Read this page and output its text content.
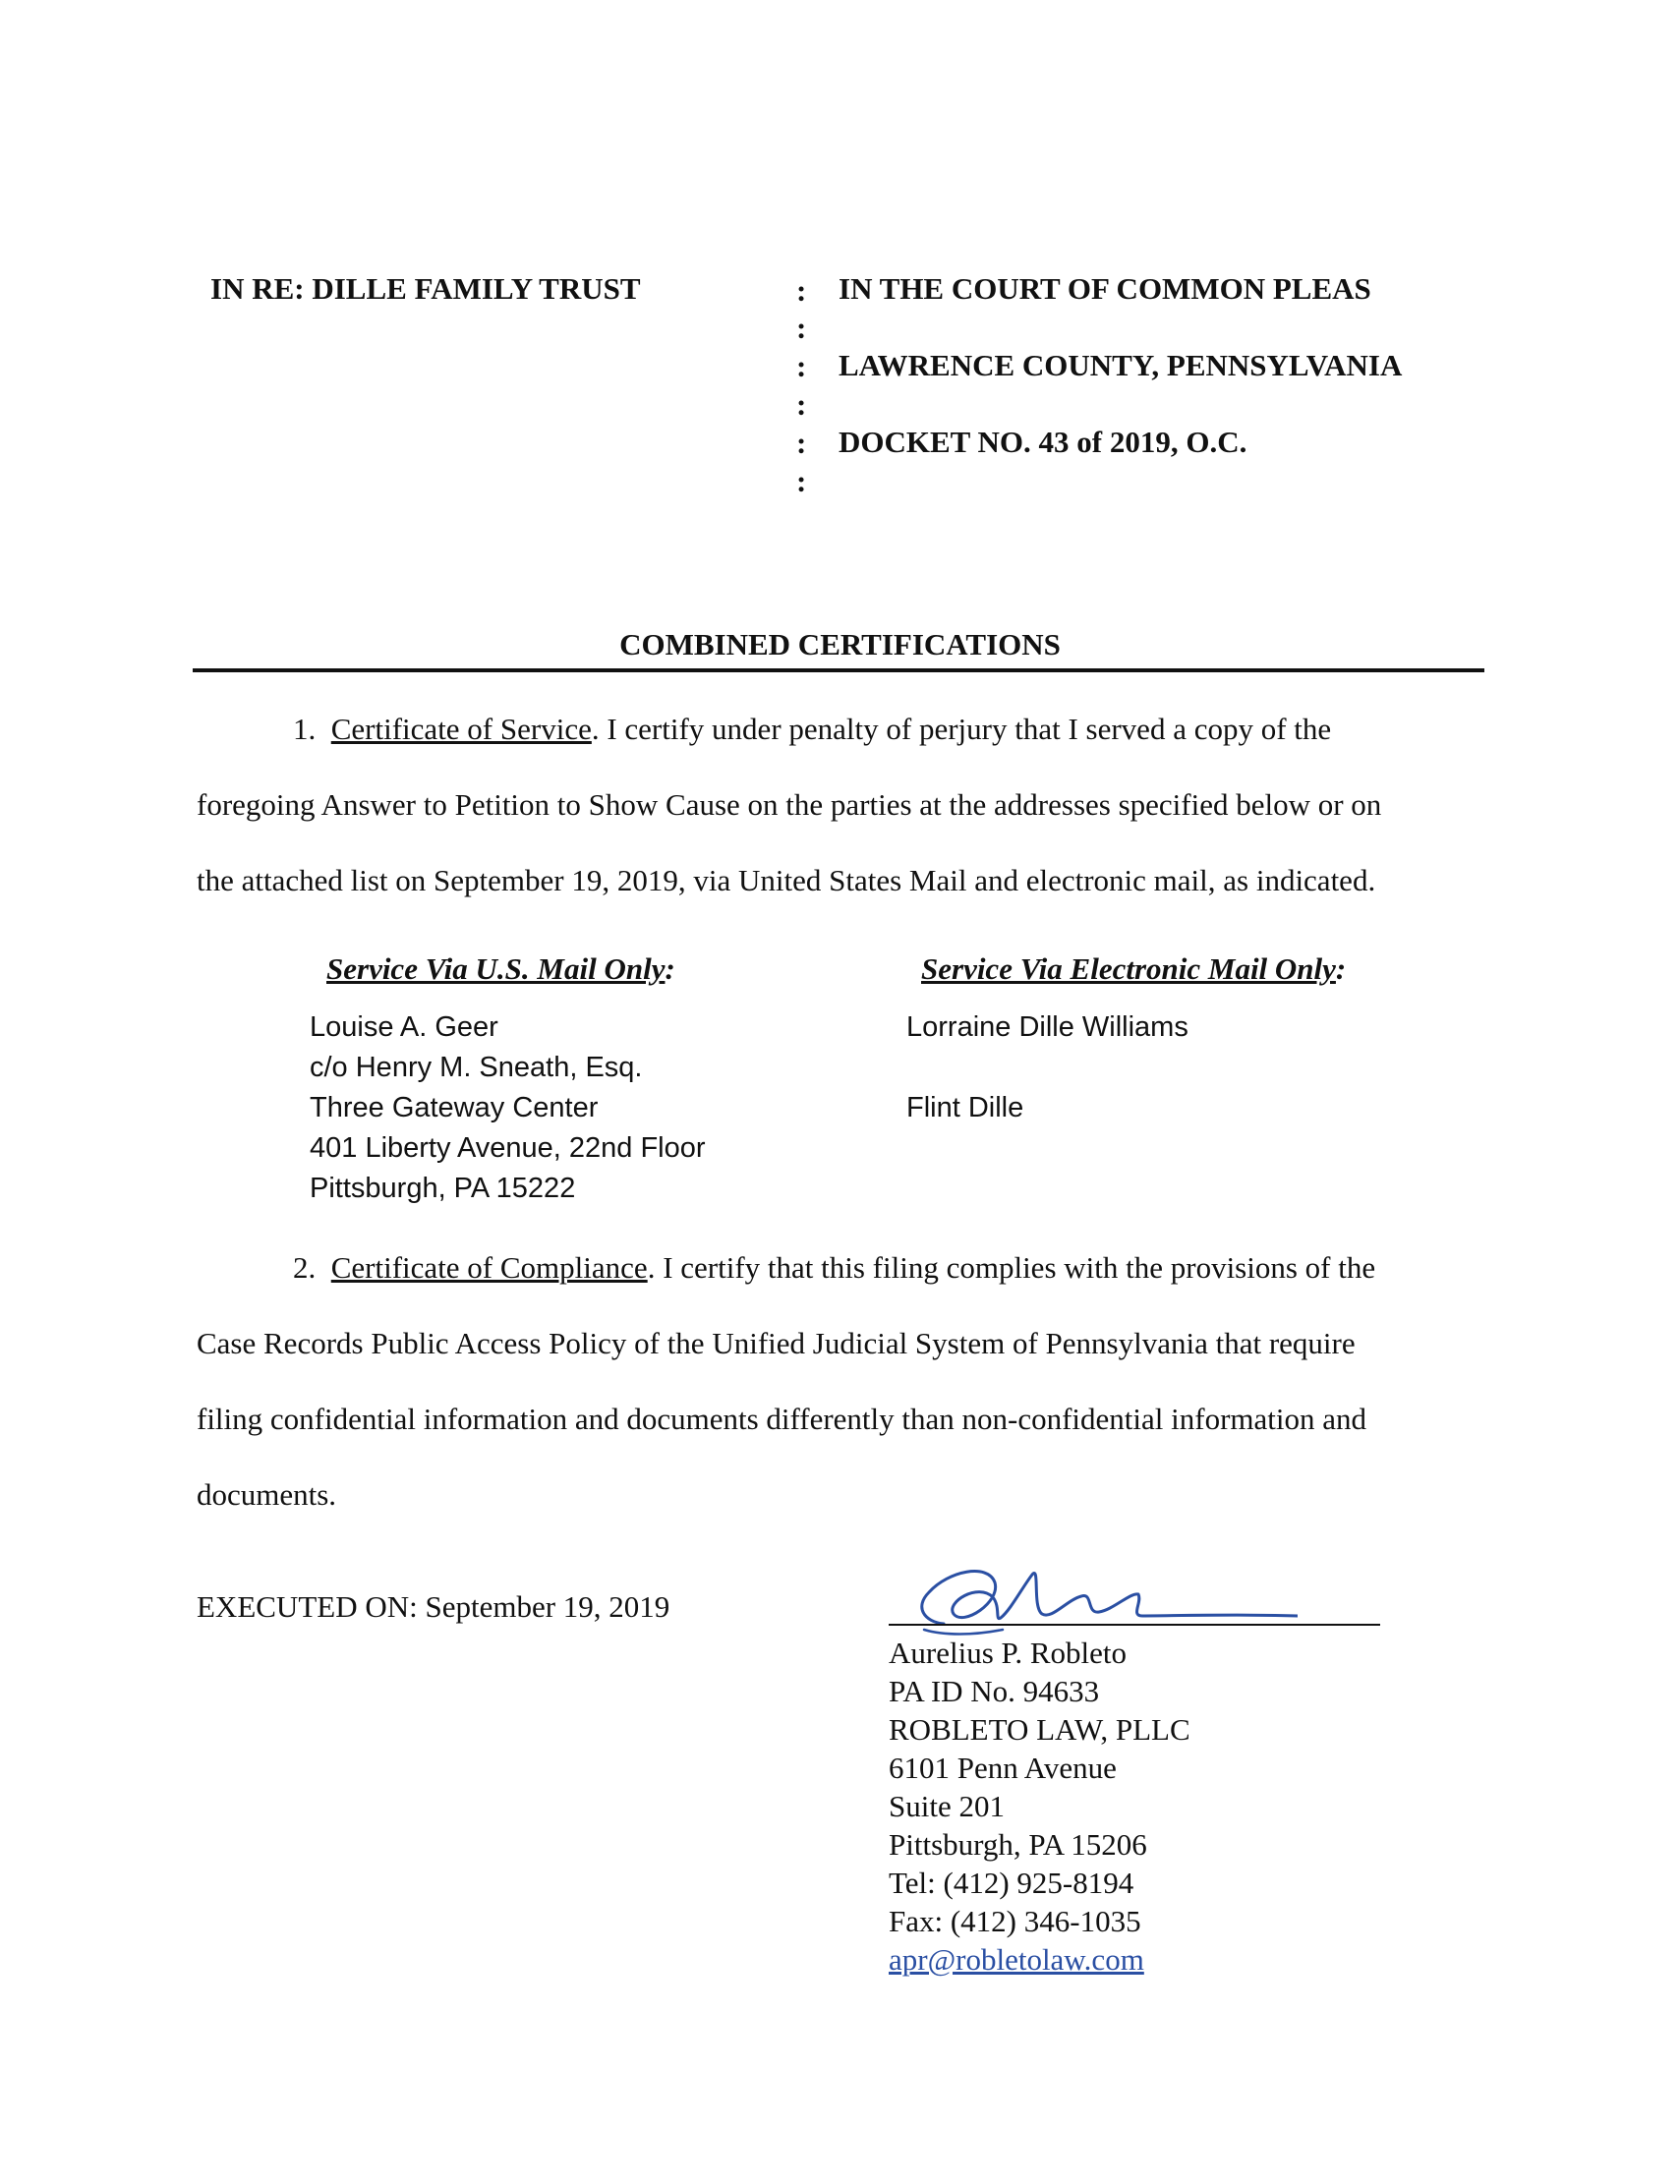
IN RE: DILLE FAMILY TRUST	:
:
:
:
:
:
IN THE COURT OF COMMON PLEAS
LAWRENCE COUNTY, PENNSYLVANIA
DOCKET NO. 43 of 2019, O.C.
COMBINED CERTIFICATIONS
1. Certificate of Service. I certify under penalty of perjury that I served a copy of the
foregoing Answer to Petition to Show Cause on the parties at the addresses specified below or on
the attached list on September 19, 2019, via United States Mail and electronic mail, as indicated.
Service Via U.S. Mail Only:	Service Via Electronic Mail Only:
Louise A. Geer
c/o Henry M. Sneath, Esq.
Three Gateway Center
401 Liberty Avenue, 22nd Floor
Pittsburgh, PA 15222
Lorraine Dille Williams
Flint Dille
2. Certificate of Compliance. I certify that this filing complies with the provisions of the
Case Records Public Access Policy of the Unified Judicial System of Pennsylvania that require
filing confidential information and documents differently than non-confidential information and
documents.
EXECUTED ON: September 19, 2019
Aurelius P. Robleto
PA ID No. 94633
ROBLETO LAW, PLLC
6101 Penn Avenue
Suite 201
Pittsburgh, PA 15206
Tel: (412) 925-8194
Fax: (412) 346-1035
apr@robletolaw.com
